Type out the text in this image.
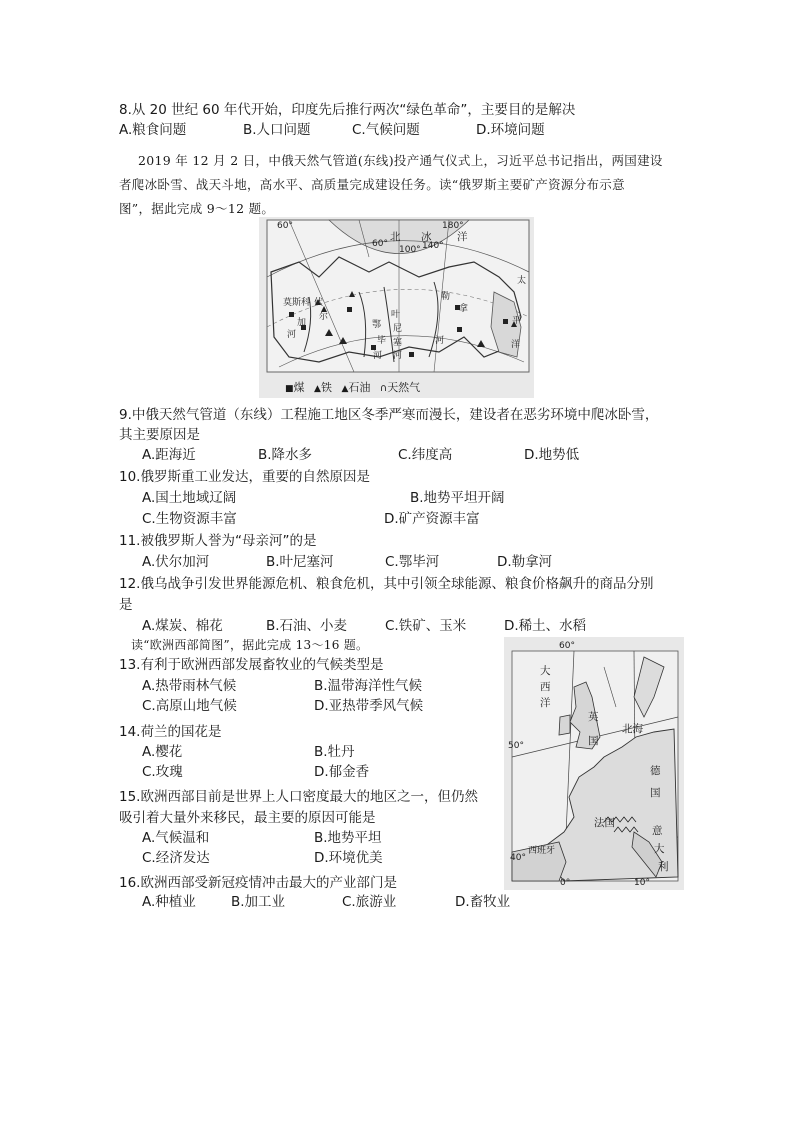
8.从 20 世纪 60 年代开始，印度先后推行两次“绿色革命”，主要目的是解决
A.粮食问题	B.人口问题	C.气候问题	D.环境问题
2019 年 12 月 2 日，中俄天然气管道(东线)投产通气仪式上，习近平总书记指出，两国建设
者爬冰卧雪、战天斗地，高水平、高质量完成建设任务。读“俄罗斯主要矿产资源分布示意
图”，据此完成 9～12 题。
60°
60°
100° 140°
180°
北 冰 洋
莫斯科 伏
尔
加
河
叶
尼
塞
河
鄂
毕
河
勒
拿
河
太
平
洋
■煤 ▲铁 ▲石油 ∩天然气
9.中俄天然气管道（东线）工程施工地区冬季严寒而漫长，建设者在恶劣环境中爬冰卧雪，
其主要原因是
A.距海近	B.降水多	C.纬度高	D.地势低
10.俄罗斯重工业发达，重要的自然原因是
A.国土地域辽阔	B.地势平坦开阔
C.生物资源丰富	D.矿产资源丰富
11.被俄罗斯人誉为“母亲河”的是
A.伏尔加河	B.叶尼塞河	C.鄂毕河	D.勒拿河
12.俄乌战争引发世界能源危机、粮食危机，其中引领全球能源、粮食价格飙升的商品分别
是
A.煤炭、棉花	B.石油、小麦	C.铁矿、玉米	D.稀土、水稻
读“欧洲西部简图”，据此完成 13～16 题。	60°
大
西
洋
英
国
北海
50°
德
国
法国
意
大
利
西班牙
40°
0°	10°
13.有利于欧洲西部发展畜牧业的气候类型是
A.热带雨林气候	B.温带海洋性气候
C.高原山地气候	D.亚热带季风气候
14.荷兰的国花是
A.樱花	B.牡丹
C.玫瑰	D.郁金香
15.欧洲西部目前是世界上人口密度最大的地区之一，但仍然
吸引着大量外来移民，最主要的原因可能是
A.气候温和	B.地势平坦
C.经济发达	D.环境优美
16.欧洲西部受新冠疫情冲击最大的产业部门是
A.种植业	B.加工业	C.旅游业	D.畜牧业
